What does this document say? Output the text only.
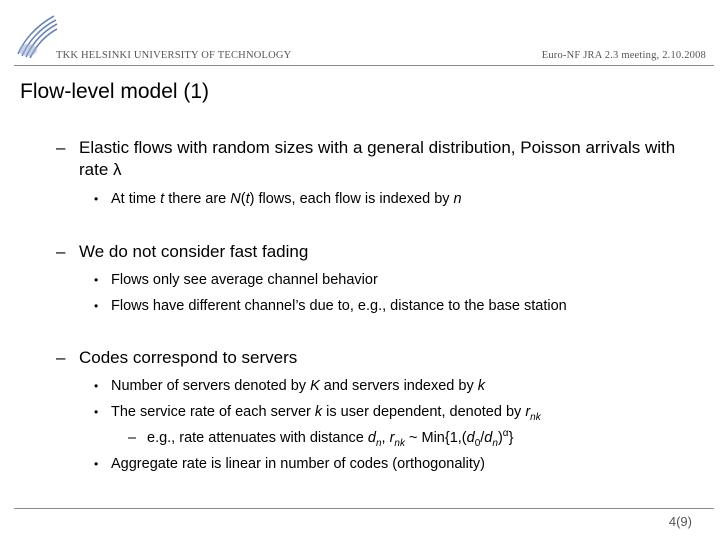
TKK HELSINKI UNIVERSITY OF TECHNOLOGY	Euro-NF JRA 2.3 meeting, 2.10.2008
Flow-level model (1)
– Elastic flows with random sizes with a general distribution, Poisson arrivals with rate λ
• At time t there are N(t) flows, each flow is indexed by n
– We do not consider fast fading
• Flows only see average channel behavior
• Flows have different channel’s due to, e.g., distance to the base station
– Codes correspond to servers
• Number of servers denoted by K and servers indexed by k
• The service rate of each server k is user dependent, denoted by $r_{nk}$
– e.g., rate attenuates with distance $d_n$, $r_{nk}$ ~ $Min\{1,(d_0/d_n)^\alpha\}$
• Aggregate rate is linear in number of codes (orthogonality)
4(9)
